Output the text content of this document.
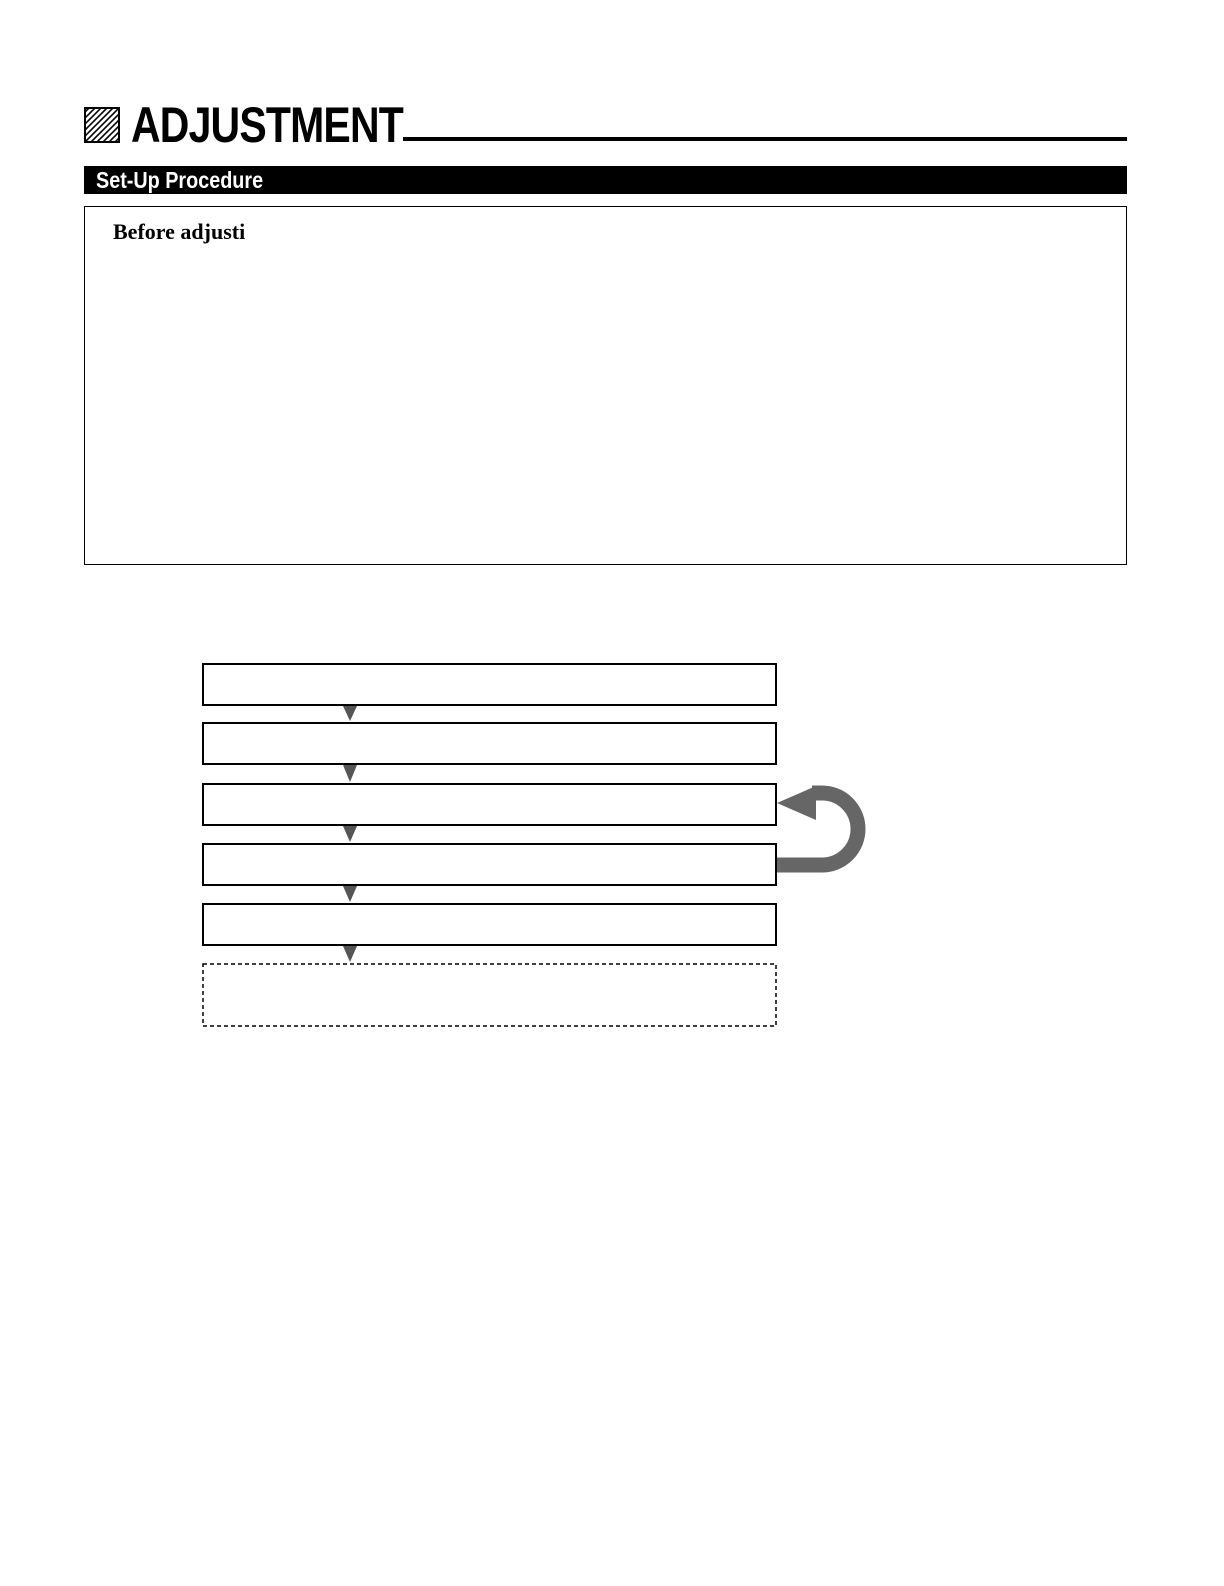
ADJUSTMENT
Set-Up Procedure
Before adjusti
